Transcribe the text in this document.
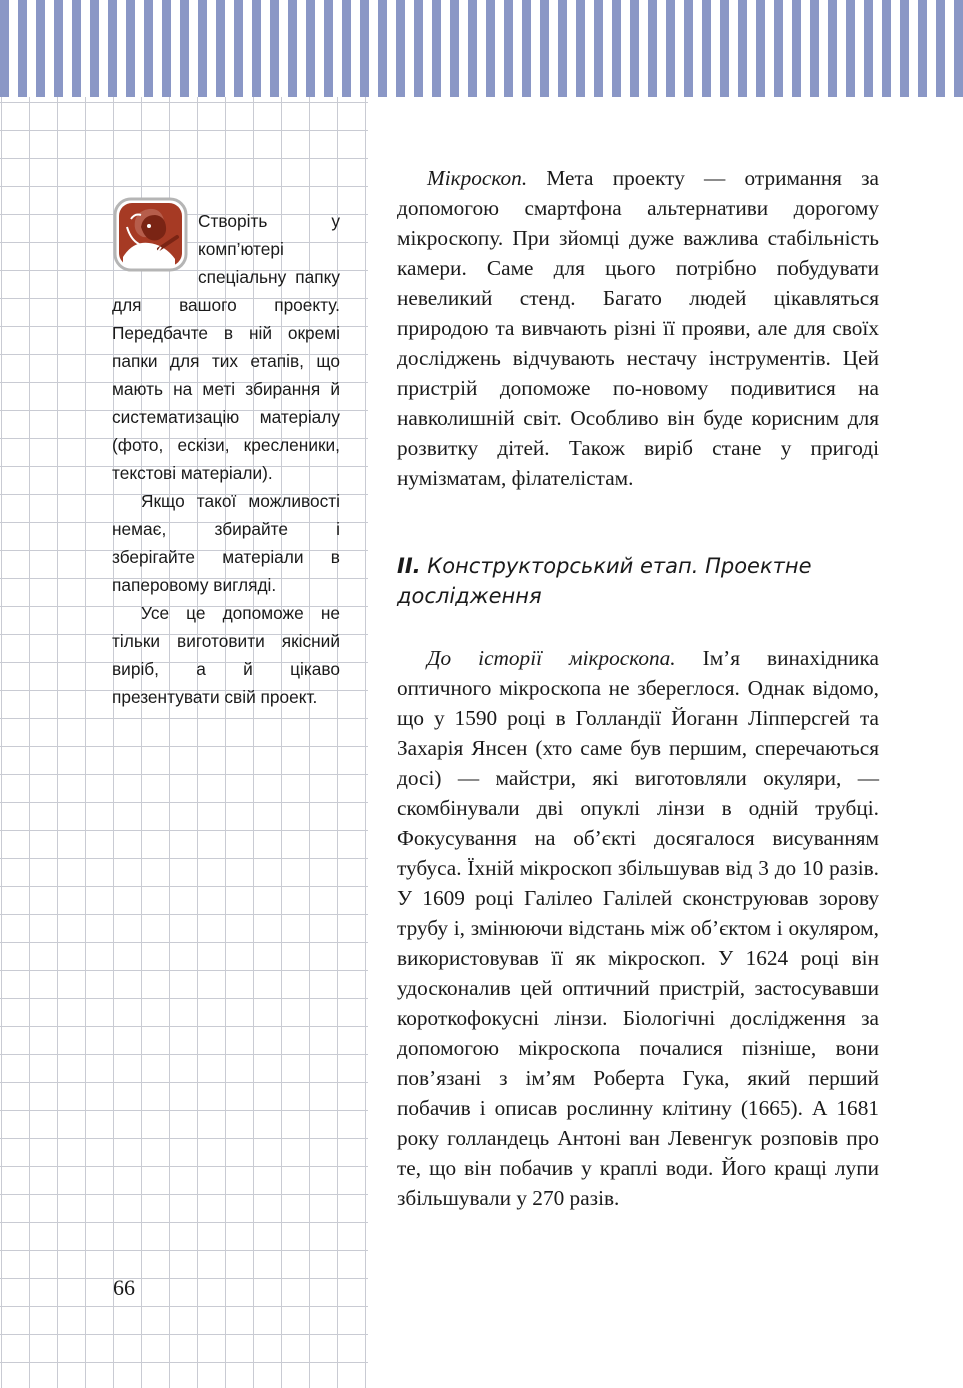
Створіть у комп’ютері спеціальну папку для вашого проекту. Передбачте в ній окремі папки для тих етапів, що мають на меті збирання й систематизацію матеріалу (фото, ескізи, кресленики, текстові матеріали).

Якщо такої можливості немає, збирайте і зберігайте матеріали в паперовому вигляді.

Усе це допоможе не тільки виготовити якісний виріб, а й цікаво презентувати свій проект.

Мікроскоп. Мета проекту — отримання за допомогою смартфона альтернативи дорогому мікроскопу. При зйомці дуже важлива стабільність камери. Саме для цього потрібно побудувати невеликий стенд. Багато людей цікавляться природою та вивчають різні її прояви, але для своїх досліджень відчувають нестачу інструментів. Цей пристрій допоможе по-новому подивитися на навколишній світ. Особливо він буде корисним для розвитку дітей. Також виріб стане у пригоді нумізматам, філателістам.

ІІ. Конструкторський етап. Проектне дослідження

До історії мікроскопа. Ім’я винахідника оптичного мікроскопа не збереглося. Однак відомо, що у 1590 році в Голландії Йоганн Ліпперсгей та Захарія Янсен (хто саме був першим, сперечаються досі) — майстри, які виготовляли окуляри, — скомбінували дві опуклі лінзи в одній трубці. Фокусування на об’єкті досягалося висуванням тубуса. Їхній мікроскоп збільшував від 3 до 10 разів. У 1609 році Галілео Галілей сконструював зорову трубу і, змінюючи відстань між об’єктом і окуляром, використовував її як мікроскоп. У 1624 році він удосконалив цей оптичний пристрій, застосувавши короткофокусні лінзи. Біологічні дослідження за допомогою мікроскопа почалися пізніше, вони пов’язані з ім’ям Роберта Гука, який перший побачив і описав рослинну клітину (1665). А 1681 року голландець Антоні ван Левенгук розповів про те, що він побачив у краплі води. Його кращі лупи збільшували у 270 разів.

66
